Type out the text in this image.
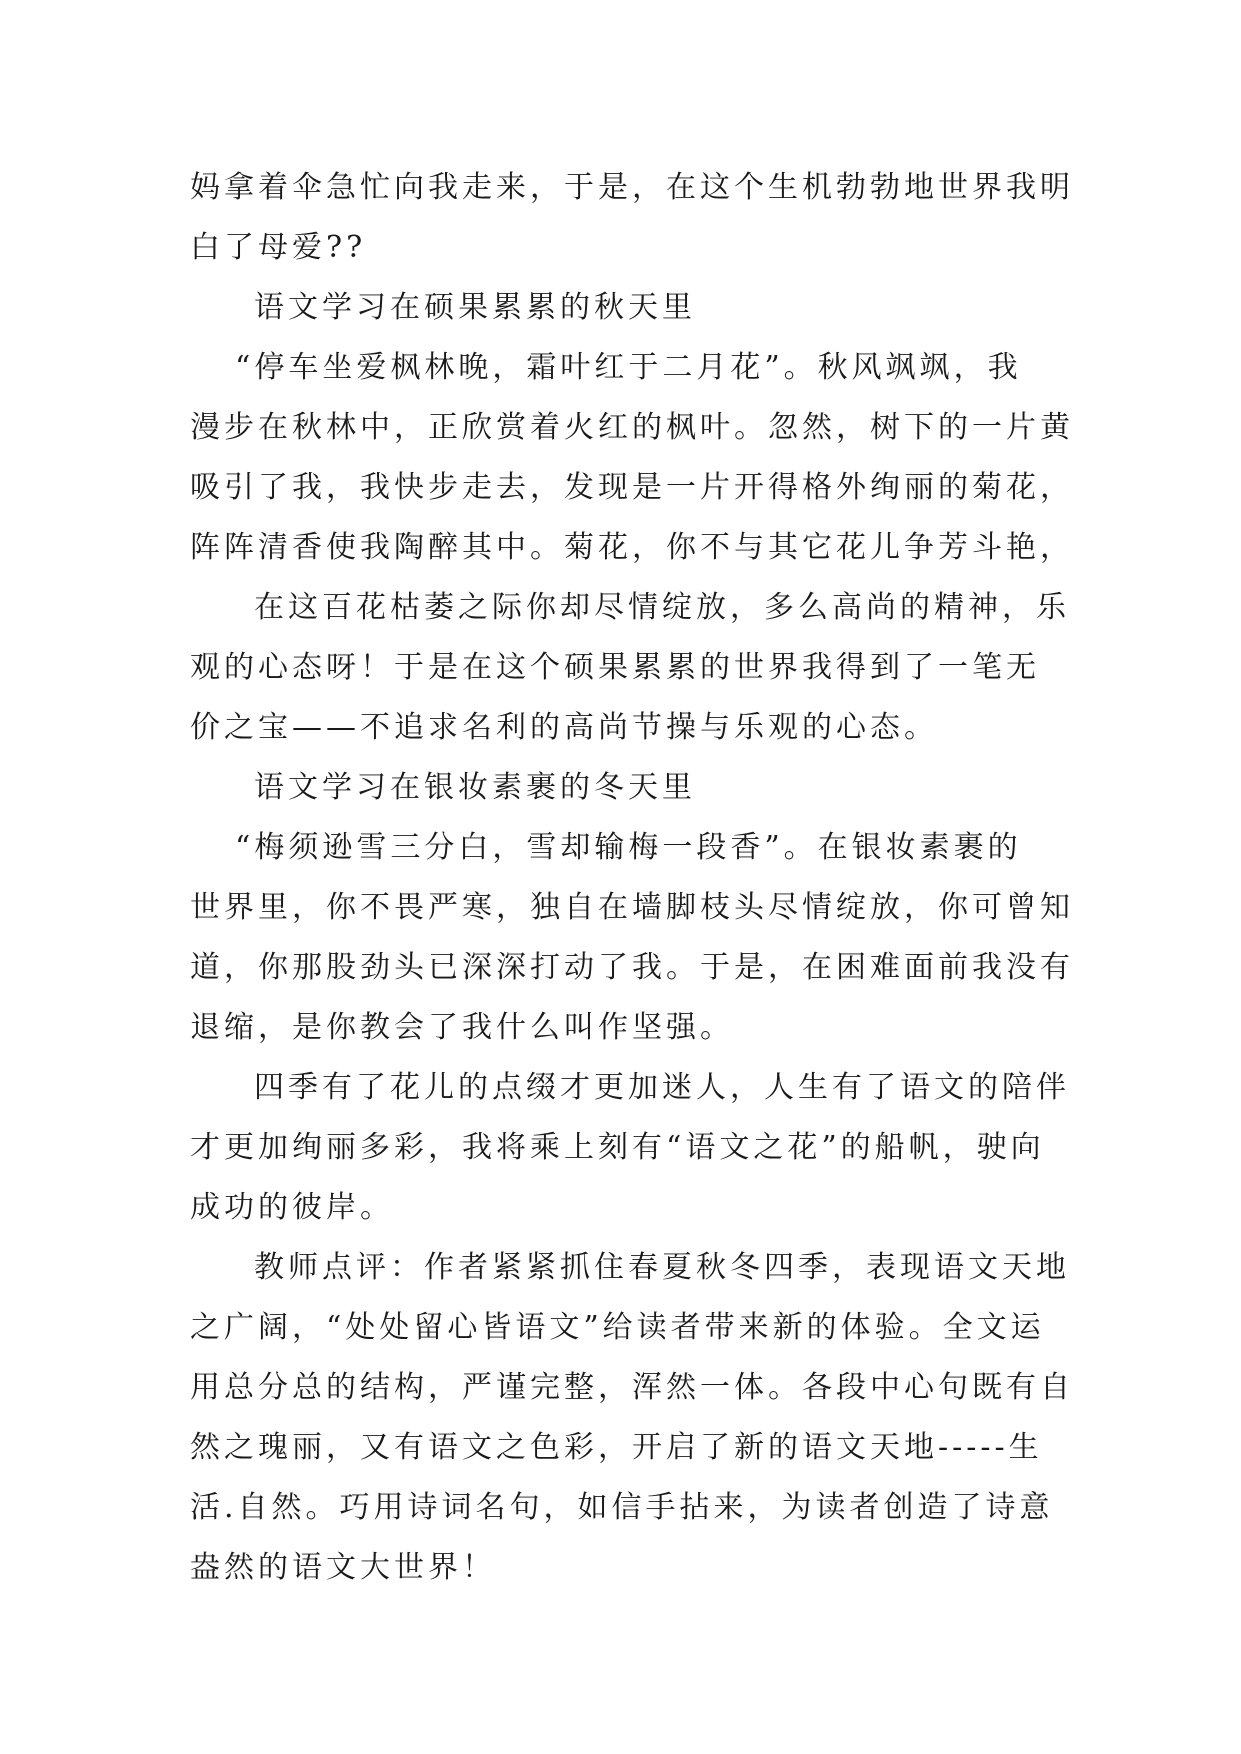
妈拿着伞急忙向我走来，于是，在这个生机勃勃地世界我明
白了母爱??
语文学习在硕果累累的秋天里
“停车坐爱枫林晚，霜叶红于二月花”。秋风飒飒，我
漫步在秋林中，正欣赏着火红的枫叶。忽然，树下的一片黄
吸引了我，我快步走去，发现是一片开得格外绚丽的菊花，
阵阵清香使我陶醉其中。菊花，你不与其它花儿争芳斗艳，
在这百花枯萎之际你却尽情绽放，多么高尚的精神，乐
观的心态呀！于是在这个硕果累累的世界我得到了一笔无
价之宝——不追求名利的高尚节操与乐观的心态。
语文学习在银妆素裹的冬天里
“梅须逊雪三分白，雪却输梅一段香”。在银妆素裹的
世界里，你不畏严寒，独自在墙脚枝头尽情绽放，你可曾知
道，你那股劲头已深深打动了我。于是，在困难面前我没有
退缩，是你教会了我什么叫作坚强。
四季有了花儿的点缀才更加迷人，人生有了语文的陪伴
才更加绚丽多彩，我将乘上刻有“语文之花”的船帆，驶向
成功的彼岸。
教师点评：作者紧紧抓住春夏秋冬四季，表现语文天地
之广阔，“处处留心皆语文”给读者带来新的体验。全文运
用总分总的结构，严谨完整，浑然一体。各段中心句既有自
然之瑰丽，又有语文之色彩，开启了新的语文天地-----生
活.自然。巧用诗词名句，如信手拈来，为读者创造了诗意
盎然的语文大世界！
